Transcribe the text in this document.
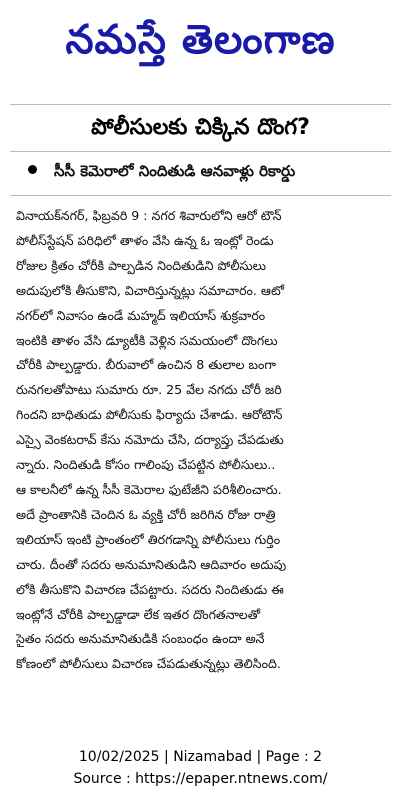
నమస్తే తెలంగాణ
పోలీసులకు చిక్కిన దొంగ?
సీసీ కెమెరాలో నిందితుడి ఆనవాళ్లు రికార్డు
వినాయక్‌నగర్, ఫిబ్రవరి 9 : నగర శివారులోని ఆరో టౌన్
పోలీస్‌స్టేషన్ పరిధిలో తాళం వేసి ఉన్న ఓ ఇంట్లో రెండు
రోజుల క్రితం చోరీకి పాల్పడిన నిందితుడిని పోలీసులు
అదుపులోకి తీసుకొని, విచారిస్తున్నట్లు సమాచారం. ఆటో
నగర్‌లో నివాసం ఉండే మహ్మద్ ఇలియాస్ శుక్రవారం
ఇంటికి తాళం వేసి డ్యూటీకి వెళ్లిన సమయంలో దొంగలు
చోరీకి పాల్పడ్డారు. బీరువాలో ఉంచిన 8 తులాల బంగా
రునగలతోపాటు సుమారు రూ. 25 వేల నగదు చోరీ జరి
గిందని బాధితుడు పోలీసుకు ఫిర్యాదు చేశాడు. ఆరోటౌన్
ఎస్సై వెంకటరావ్ కేసు నమోదు చేసి, దర్యాప్తు చేపడుతు
న్నారు. నిందితుడి కోసం గాలింపు చేపట్టిన పోలీసులు..
ఆ కాలనీలో ఉన్న సీసీ కెమెరాల ఫుటేజీని పరిశీలించారు.
అదే ప్రాంతానికి చెందిన ఓ వ్యక్తి చోరీ జరిగిన రోజు రాత్రి
ఇలియాస్ ఇంటి ప్రాంతంలో తిరగడాన్ని పోలీసులు గుర్తిం
చారు. దీంతో సదరు అనుమానితుడిని ఆదివారం అదుపు
లోకి తీసుకొని విచారణ చేపట్టారు. సదరు నిందితుడు ఈ
ఇంట్లోనే చోరీకి పాల్పడ్డాడా లేక ఇతర దొంగతనాలతో
సైతం సదరు అనుమానితుడికి సంబంధం ఉందా అనే
కోణంలో పోలీసులు విచారణ చేపడుతున్నట్లు తెలిసింది.
10/02/2025 | Nizamabad | Page : 2
Source : https://epaper.ntnews.com/
